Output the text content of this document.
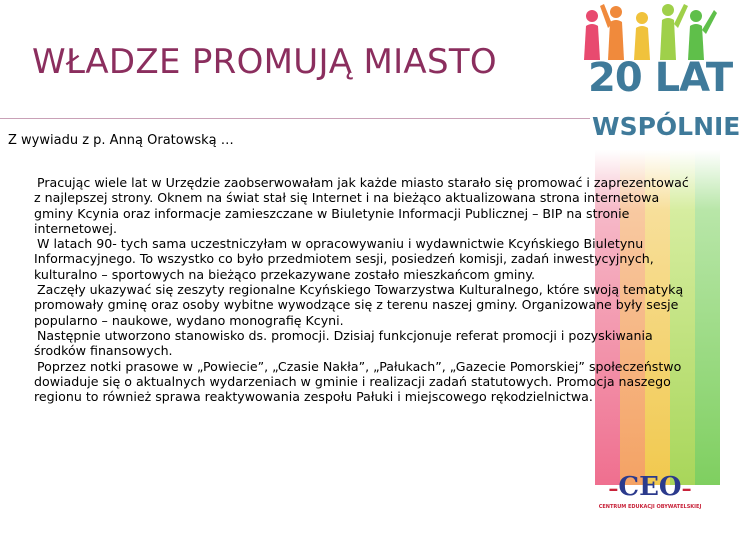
20 LAT
WSPÓLNIE
WŁADZE PROMUJĄ MIASTO

Z wywiadu z p. Anną Oratowską …

Pracując wiele lat w Urzędzie zaobserwowałam jak każde miasto starało się promować i zaprezentować z najlepszej strony. Oknem na świat stał się Internet i na bieżąco aktualizowana strona internetowa gminy Kcynia oraz informacje zamieszczane w Biuletynie Informacji Publicznej – BIP na stronie internetowej.

W latach 90- tych sama uczestniczyłam w opracowywaniu i wydawnictwie Kcyńskiego Biuletynu Informacyjnego. To wszystko co było przedmiotem sesji, posiedzeń komisji, zadań inwestycyjnych, kulturalno – sportowych na bieżąco przekazywane zostało mieszkańcom gminy.

Zaczęły ukazywać się zeszyty regionalne Kcyńskiego Towarzystwa Kulturalnego, które swoją tematyką promowały gminę oraz osoby wybitne wywodzące się z terenu naszej gminy. Organizowane były sesje popularno – naukowe, wydano monografię Kcyni.

Następnie utworzono stanowisko ds. promocji. Dzisiaj funkcjonuje referat promocji i pozyskiwania środków finansowych.

Poprzez notki prasowe w „Powiecie”, „Czasie Nakła”, „Pałukach”, „Gazecie Pomorskiej” społeczeństwo dowiaduje się o aktualnych wydarzeniach w gminie i realizacji zadań statutowych. Promocja naszego regionu to również sprawa reaktywowania zespołu Pałuki i miejscowego rękodzielnictwa.

–CEO–
CENTRUM EDUKACJI OBYWATELSKIEJ
